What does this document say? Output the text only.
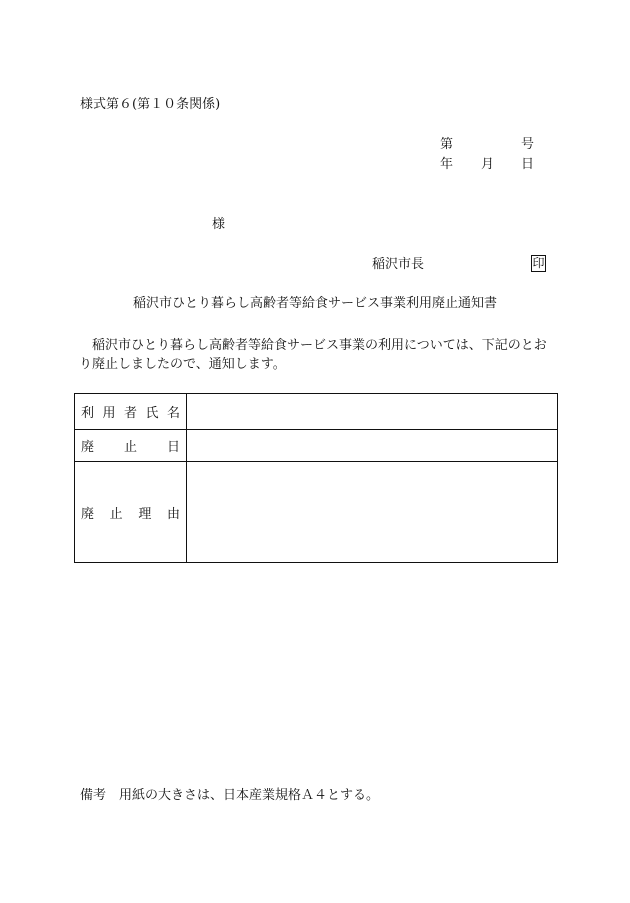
様式第６(第１０条関係)
第	号
年 月 日
様
稲沢市長	印
稲沢市ひとり暮らし高齢者等給食サービス事業利用廃止通知書
稲沢市ひとり暮らし高齢者等給食サービス事業の利用については、下記のとおり廃止しましたので、通知します。
利 用 者 氏 名	

廃 止 日	

廃 止 理 由	

備考　用紙の大きさは、日本産業規格Ａ４とする。
